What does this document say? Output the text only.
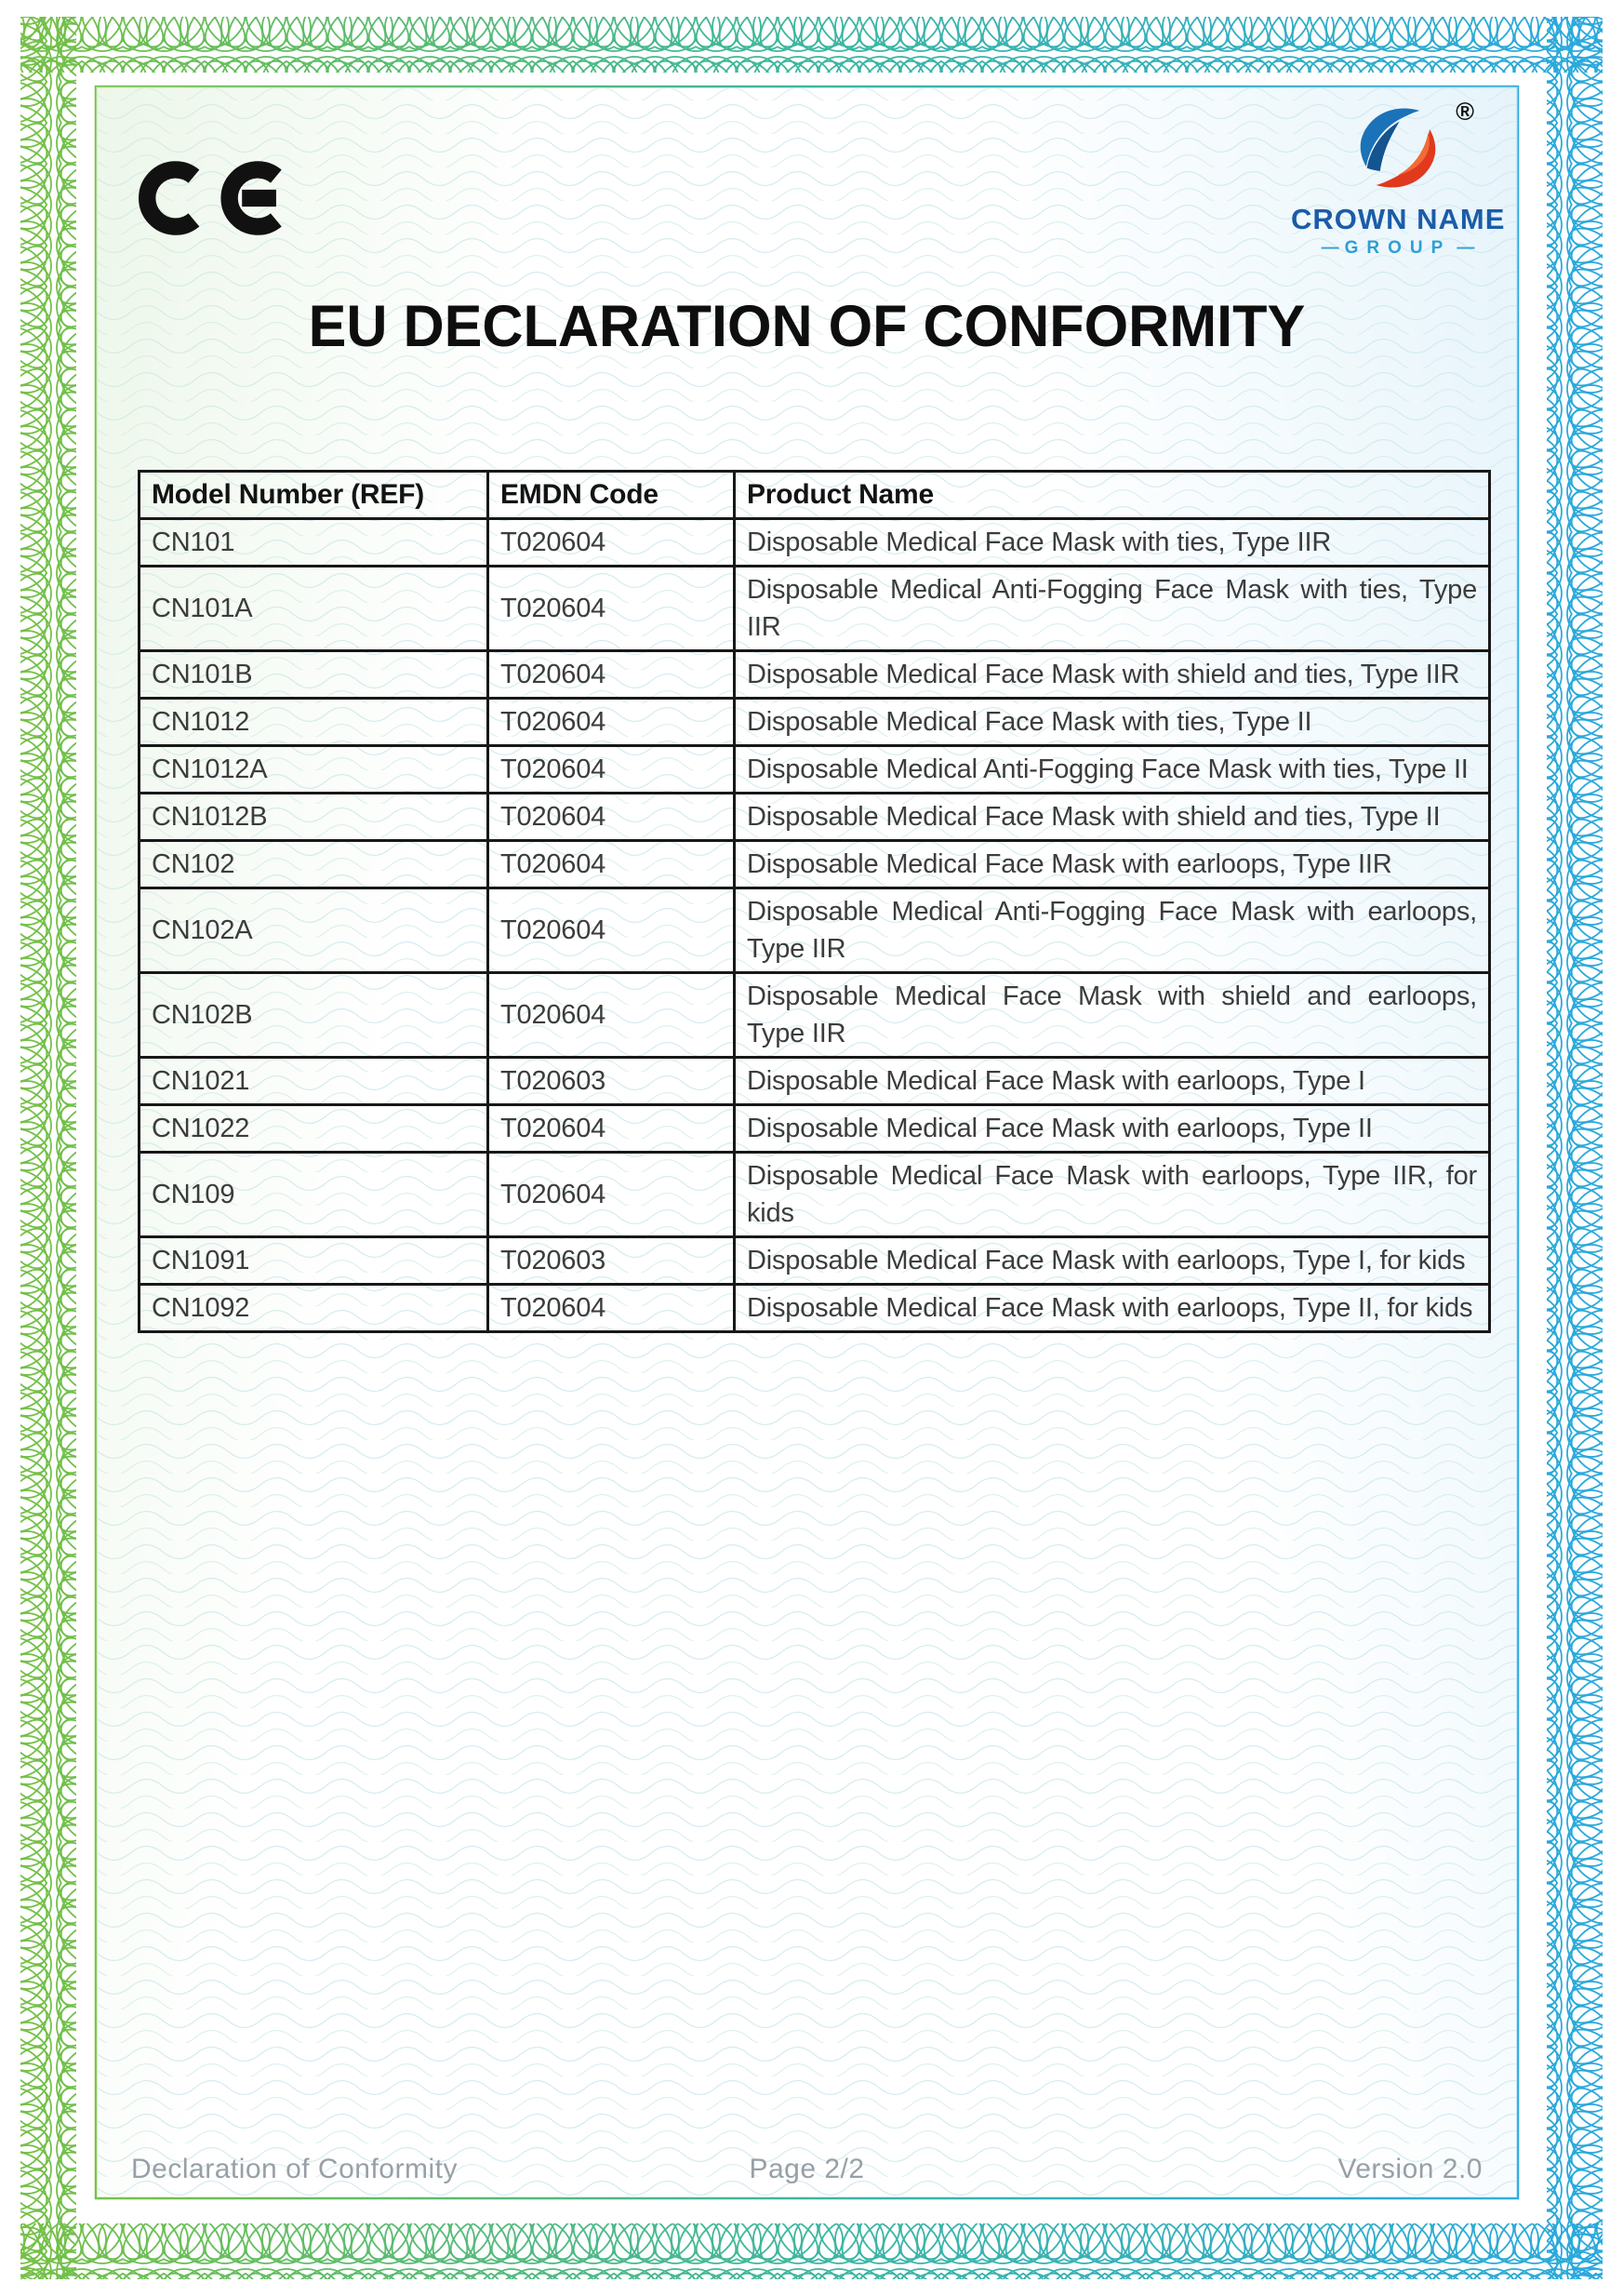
®
CROWN NAME
— GROUP —
EU DECLARATION OF CONFORMITY
Model Number (REF)	EMDN Code	Product Name
CN101	T020604	Disposable Medical Face Mask with ties, Type IIR
CN101A	T020604	Disposable Medical Anti-Fogging Face Mask with ties, Type IIR
CN101B	T020604	Disposable Medical Face Mask with shield and ties, Type IIR
CN1012	T020604	Disposable Medical Face Mask with ties, Type II
CN1012A	T020604	Disposable Medical Anti-Fogging Face Mask with ties, Type II
CN1012B	T020604	Disposable Medical Face Mask with shield and ties, Type II
CN102	T020604	Disposable Medical Face Mask with earloops, Type IIR
CN102A	T020604	Disposable Medical Anti-Fogging Face Mask with earloops, Type IIR
CN102B	T020604	Disposable Medical Face Mask with shield and earloops, Type IIR
CN1021	T020603	Disposable Medical Face Mask with earloops, Type I
CN1022	T020604	Disposable Medical Face Mask with earloops, Type II
CN109	T020604	Disposable Medical Face Mask with earloops, Type IIR, for kids
CN1091	T020603	Disposable Medical Face Mask with earloops, Type I, for kids
CN1092	T020604	Disposable Medical Face Mask with earloops, Type II, for kids
Declaration of Conformity	Page 2/2	Version 2.0
